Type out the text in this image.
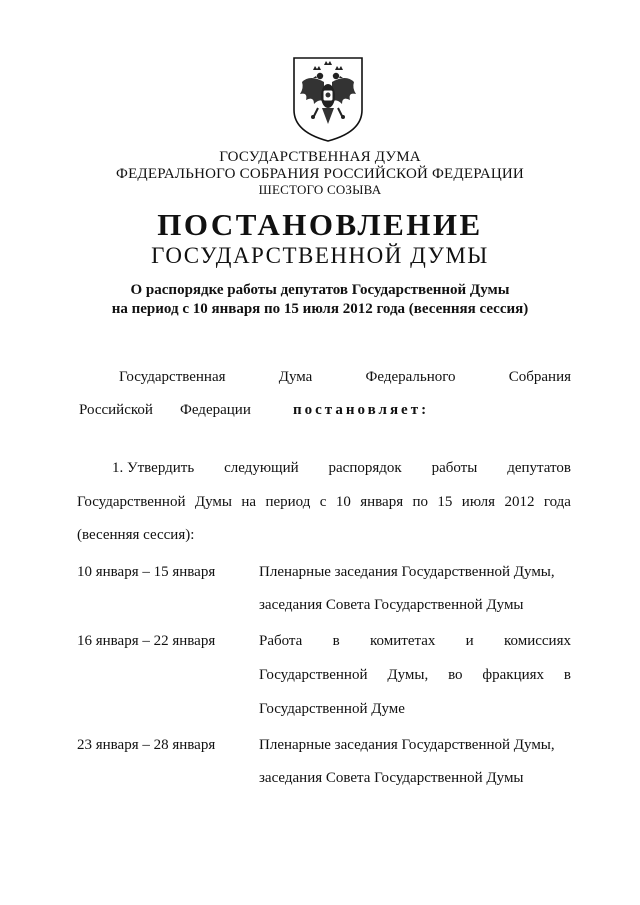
ГОСУДАРСТВЕННАЯ ДУМА
ФЕДЕРАЛЬНОГО СОБРАНИЯ РОССИЙСКОЙ ФЕДЕРАЦИИ
ШЕСТОГО СОЗЫВА
ПОСТАНОВЛЕНИЕ
ГОСУДАРСТВЕННОЙ ДУМЫ
О распорядке работы депутатов Государственной Думы
на период с 10 января по 15 июля 2012 года (весенняя сессия)
Государственная	Дума	Федерального	Собрания
Российской Федерации	постановляет:
1. Утвердить следующий распорядок работы депутатов
Государственной Думы на период с 10 января по 15 июля 2012 года
(весенняя сессия):
10 января – 15 января	Пленарные заседания Государственной Думы,
заседания Совета Государственной Думы
16 января – 22 января	Работа в комитетах и комиссиях
Государственной Думы, во фракциях в
Государственной Думе
23 января – 28 января	Пленарные заседания Государственной Думы,
заседания Совета Государственной Думы
